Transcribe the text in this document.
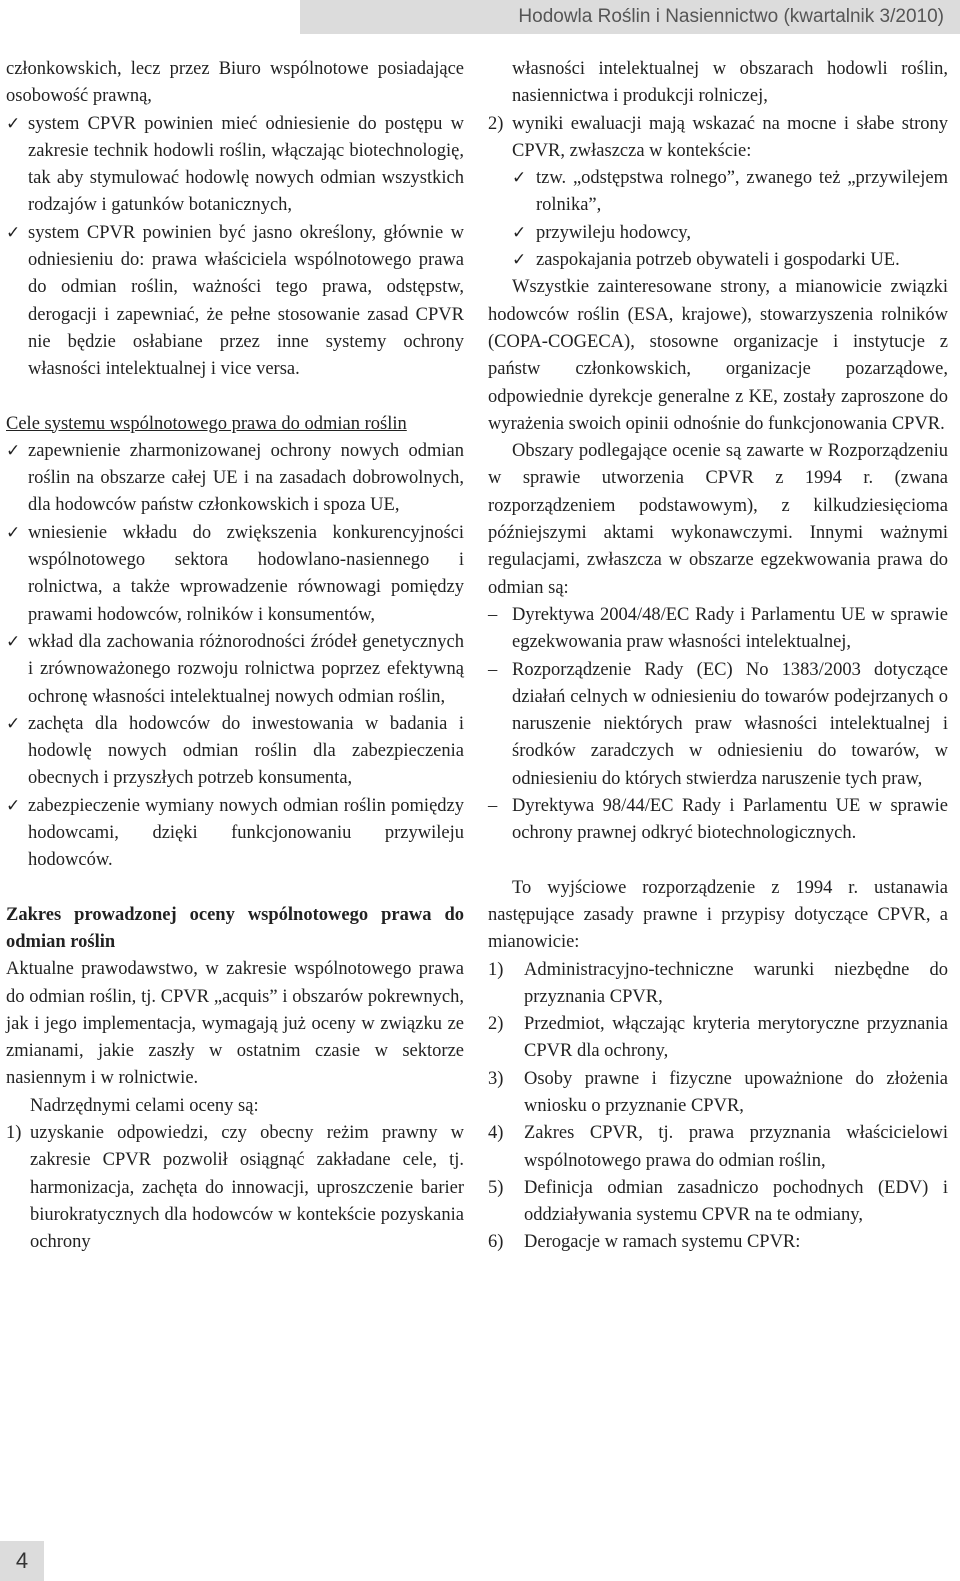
Hodowla Roślin i Nasiennictwo (kwartalnik 3/2010)

członkowskich, lecz przez Biuro wspólnotowe posiadające osobowość prawną,

✓ system CPVR powinien mieć odniesienie do postępu w zakresie technik hodowli roślin, włączając biotechnologię, tak aby stymulować hodowlę nowych odmian wszystkich rodzajów i gatunków botanicznych,
✓ system CPVR powinien być jasno określony, głównie w odniesieniu do: prawa właściciela wspólnotowego prawa do odmian roślin, ważności tego prawa, odstępstw, derogacji i zapewniać, że pełne stosowanie zasad CPVR nie będzie osłabiane przez inne systemy ochrony własności intelektualnej i vice versa.

Cele systemu wspólnotowego prawa do odmian roślin

✓ zapewnienie zharmonizowanej ochrony nowych odmian roślin na obszarze całej UE i na zasadach dobrowolnych, dla hodowców państw członkowskich i spoza UE,
✓ wniesienie wkładu do zwiększenia konkurencyjności wspólnotowego sektora hodowlano-nasiennego i rolnictwa, a także wprowadzenie równowagi pomiędzy prawami hodowców, rolników i konsumentów,
✓ wkład dla zachowania różnorodności źródeł genetycznych i zrównoważonego rozwoju rolnictwa poprzez efektywną ochronę własności intelektualnej nowych odmian roślin,
✓ zachęta dla hodowców do inwestowania w badania i hodowlę nowych odmian roślin dla zabezpieczenia obecnych i przyszłych potrzeb konsumenta,
✓ zabezpieczenie wymiany nowych odmian roślin pomiędzy hodowcami, dzięki funkcjonowaniu przywileju hodowców.

Zakres prowadzonej oceny wspólnotowego prawa do odmian roślin

Aktualne prawodawstwo, w zakresie wspólnotowego prawa do odmian roślin, tj. CPVR „acquis” i obszarów pokrewnych, jak i jego implementacja, wymagają już oceny w związku ze zmianami, jakie zaszły w ostatnim czasie w sektorze nasiennym i w rolnictwie.

Nadrzędnymi celami oceny są:

1) uzyskanie odpowiedzi, czy obecny reżim prawny w zakresie CPVR pozwolił osiągnąć zakładane cele, tj. harmonizacja, zachęta do innowacji, uproszczenie barier biurokratycznych dla hodowców w kontekście pozyskania ochrony

własności intelektualnej w obszarach hodowli roślin, nasiennictwa i produkcji rolniczej,

2) wyniki ewaluacji mają wskazać na mocne i słabe strony CPVR, zwłaszcza w kontekście:
✓ tzw. „odstępstwa rolnego”, zwanego też „przywilejem rolnika”,
✓ przywileju hodowcy,
✓ zaspokajania potrzeb obywateli i gospodarki UE.

Wszystkie zainteresowane strony, a mianowicie związki hodowców roślin (ESA, krajowe), stowarzyszenia rolników (COPA-COGECA), stosowne organizacje i instytucje z państw członkowskich, organizacje pozarządowe, odpowiednie dyrekcje generalne z KE, zostały zaproszone do wyrażenia swoich opinii odnośnie do funkcjonowania CPVR.

Obszary podlegające ocenie są zawarte w Rozporządzeniu w sprawie utworzenia CPVR z 1994 r. (zwana rozporządzeniem podstawowym), z kilkudziesięcioma późniejszymi aktami wykonawczymi. Innymi ważnymi regulacjami, zwłaszcza w obszarze egzekwowania prawa do odmian są:

– Dyrektywa 2004/48/EC Rady i Parlamentu UE w sprawie egzekwowania praw własności intelektualnej,
– Rozporządzenie Rady (EC) No 1383/2003 dotyczące działań celnych w odniesieniu do towarów podejrzanych o naruszenie niektórych praw własności intelektualnej i środków zaradczych w odniesieniu do towarów, w odniesieniu do których stwierdza naruszenie tych praw,
– Dyrektywa 98/44/EC Rady i Parlamentu UE w sprawie ochrony prawnej odkryć biotechnologicznych.

To wyjściowe rozporządzenie z 1994 r. ustanawia następujące zasady prawne i przypisy dotyczące CPVR, a mianowicie:

1) Administracyjno-techniczne warunki niezbędne do przyznania CPVR,
2) Przedmiot, włączając kryteria merytoryczne przyznania CPVR dla ochrony,
3) Osoby prawne i fizyczne upoważnione do złożenia wniosku o przyznanie CPVR,
4) Zakres CPVR, tj. prawa przyznania właścicielowi wspólnotowego prawa do odmian roślin,
5) Definicja odmian zasadniczo pochodnych (EDV) i oddziaływania systemu CPVR na te odmiany,
6) Derogacje w ramach systemu CPVR:
4
